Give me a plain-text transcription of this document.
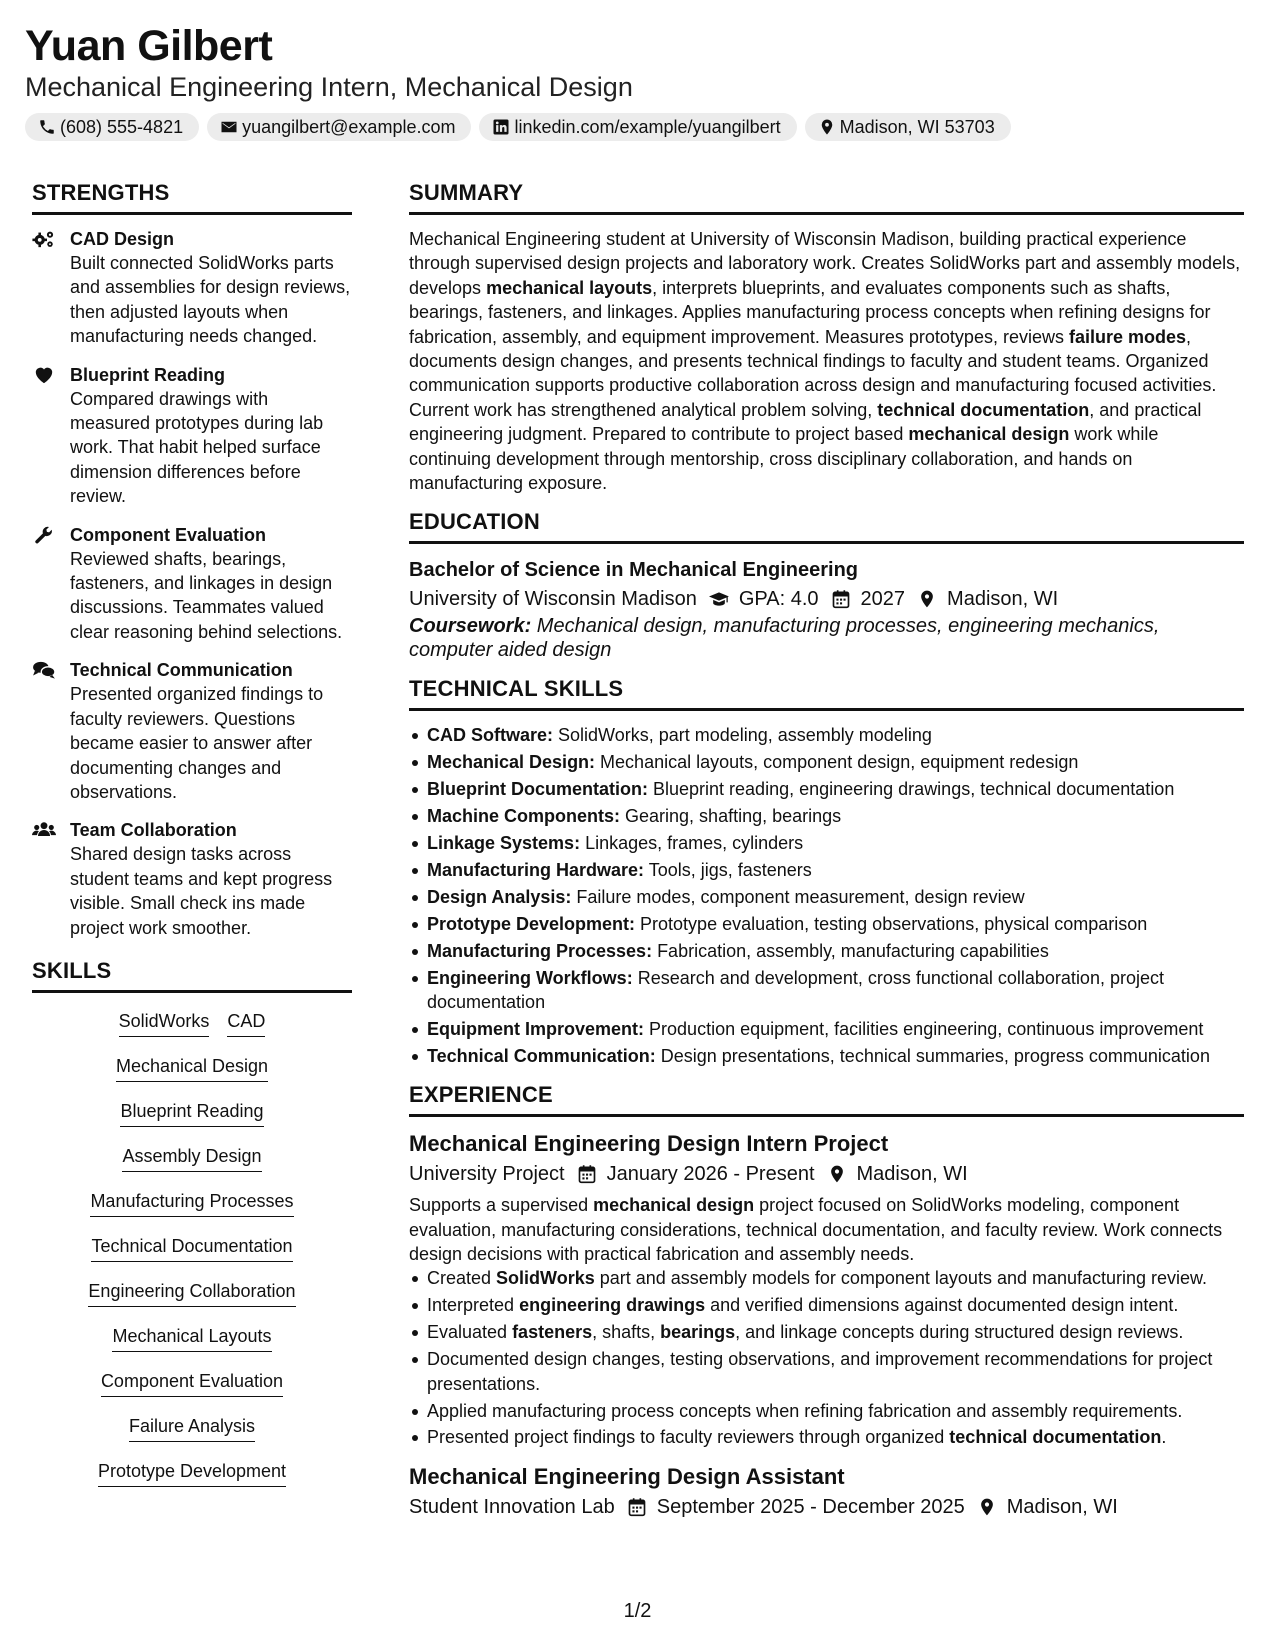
Yuan Gilbert
Mechanical Engineering Intern, Mechanical Design
(608) 555-4821	yuangilbert@example.com	linkedin.com/example/yuangilbert	Madison, WI 53703
STRENGTHS
CAD Design
Built connected SolidWorks parts and assemblies for design reviews, then adjusted layouts when manufacturing needs changed.
Blueprint Reading
Compared drawings with measured prototypes during lab work. That habit helped surface dimension differences before review.
Component Evaluation
Reviewed shafts, bearings, fasteners, and linkages in design discussions. Teammates valued clear reasoning behind selections.
Technical Communication
Presented organized findings to faculty reviewers. Questions became easier to answer after documenting changes and observations.
Team Collaboration
Shared design tasks across student teams and kept progress visible. Small check ins made project work smoother.
SKILLS
SolidWorks CAD
Mechanical Design
Blueprint Reading
Assembly Design
Manufacturing Processes
Technical Documentation
Engineering Collaboration
Mechanical Layouts
Component Evaluation
Failure Analysis
Prototype Development
SUMMARY
Mechanical Engineering student at University of Wisconsin Madison, building practical experience through supervised design projects and laboratory work. Creates SolidWorks part and assembly models, develops mechanical layouts, interprets blueprints, and evaluates components such as shafts, bearings, fasteners, and linkages. Applies manufacturing process concepts when refining designs for fabrication, assembly, and equipment improvement. Measures prototypes, reviews failure modes, documents design changes, and presents technical findings to faculty and student teams. Organized communication supports productive collaboration across design and manufacturing focused activities. Current work has strengthened analytical problem solving, technical documentation, and practical engineering judgment. Prepared to contribute to project based mechanical design work while continuing development through mentorship, cross disciplinary collaboration, and hands on manufacturing exposure.
EDUCATION
Bachelor of Science in Mechanical Engineering
University of Wisconsin Madison GPA: 4.0 2027 Madison, WI
Coursework: Mechanical design, manufacturing processes, engineering mechanics, computer aided design
TECHNICAL SKILLS
CAD Software: SolidWorks, part modeling, assembly modeling
Mechanical Design: Mechanical layouts, component design, equipment redesign
Blueprint Documentation: Blueprint reading, engineering drawings, technical documentation
Machine Components: Gearing, shafting, bearings
Linkage Systems: Linkages, frames, cylinders
Manufacturing Hardware: Tools, jigs, fasteners
Design Analysis: Failure modes, component measurement, design review
Prototype Development: Prototype evaluation, testing observations, physical comparison
Manufacturing Processes: Fabrication, assembly, manufacturing capabilities
Engineering Workflows: Research and development, cross functional collaboration, project documentation
Equipment Improvement: Production equipment, facilities engineering, continuous improvement
Technical Communication: Design presentations, technical summaries, progress communication
EXPERIENCE
Mechanical Engineering Design Intern Project
University Project January 2026 - Present Madison, WI
Supports a supervised mechanical design project focused on SolidWorks modeling, component evaluation, manufacturing considerations, technical documentation, and faculty review. Work connects design decisions with practical fabrication and assembly needs.
Created SolidWorks part and assembly models for component layouts and manufacturing review.
Interpreted engineering drawings and verified dimensions against documented design intent.
Evaluated fasteners, shafts, bearings, and linkage concepts during structured design reviews.
Documented design changes, testing observations, and improvement recommendations for project presentations.
Applied manufacturing process concepts when refining fabrication and assembly requirements.
Presented project findings to faculty reviewers through organized technical documentation.
Mechanical Engineering Design Assistant
Student Innovation Lab September 2025 - December 2025 Madison, WI
1/2
